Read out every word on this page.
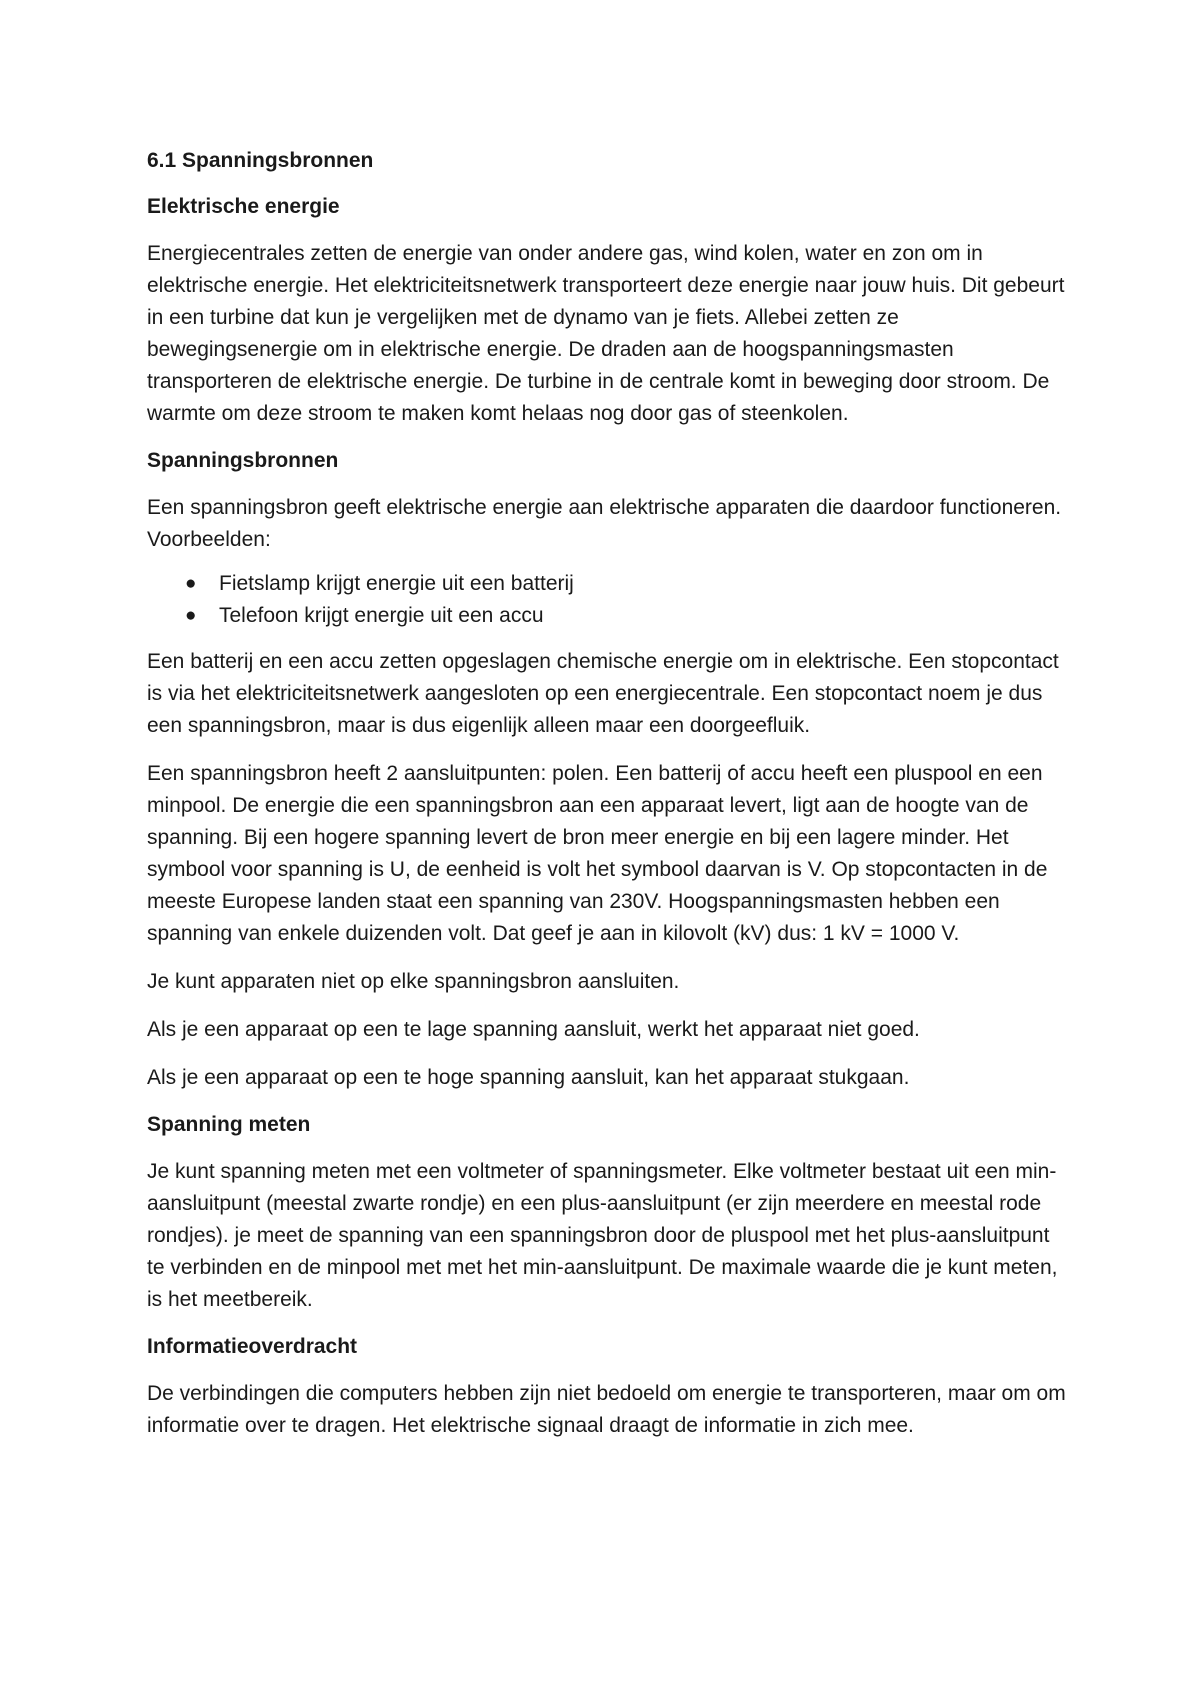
6.1 Spanningsbronnen
Elektrische energie

Energiecentrales zetten de energie van onder andere gas, wind kolen, water en zon om in elektrische energie. Het elektriciteitsnetwerk transporteert deze energie naar jouw huis. Dit gebeurt in een turbine dat kun je vergelijken met de dynamo van je fiets. Allebei zetten ze bewegingsenergie om in elektrische energie. De draden aan de hoogspanningsmasten transporteren de elektrische energie. De turbine in de centrale komt in beweging door stroom. De warmte om deze stroom te maken komt helaas nog door gas of steenkolen.

Spanningsbronnen

Een spanningsbron geeft elektrische energie aan elektrische apparaten die daardoor functioneren. Voorbeelden:

● Fietslamp krijgt energie uit een batterij
● Telefoon krijgt energie uit een accu

Een batterij en een accu zetten opgeslagen chemische energie om in elektrische. Een stopcontact is via het elektriciteitsnetwerk aangesloten op een energiecentrale. Een stopcontact noem je dus een spanningsbron, maar is dus eigenlijk alleen maar een doorgeefluik.

Een spanningsbron heeft 2 aansluitpunten: polen. Een batterij of accu heeft een pluspool en een minpool. De energie die een spanningsbron aan een apparaat levert, ligt aan de hoogte van de spanning. Bij een hogere spanning levert de bron meer energie en bij een lagere minder. Het symbool voor spanning is U, de eenheid is volt het symbool daarvan is V. Op stopcontacten in de meeste Europese landen staat een spanning van 230V. Hoogspanningsmasten hebben een spanning van enkele duizenden volt. Dat geef je aan in kilovolt (kV) dus: 1 kV = 1000 V.

Je kunt apparaten niet op elke spanningsbron aansluiten.

Als je een apparaat op een te lage spanning aansluit, werkt het apparaat niet goed.

Als je een apparaat op een te hoge spanning aansluit, kan het apparaat stukgaan.

Spanning meten

Je kunt spanning meten met een voltmeter of spanningsmeter. Elke voltmeter bestaat uit een min-aansluitpunt (meestal zwarte rondje) en een plus-aansluitpunt (er zijn meerdere en meestal rode rondjes). je meet de spanning van een spanningsbron door de pluspool met het plus-aansluitpunt te verbinden en de minpool met met het min-aansluitpunt. De maximale waarde die je kunt meten, is het meetbereik.

Informatieoverdracht

De verbindingen die computers hebben zijn niet bedoeld om energie te transporteren, maar om om informatie over te dragen. Het elektrische signaal draagt de informatie in zich mee.
